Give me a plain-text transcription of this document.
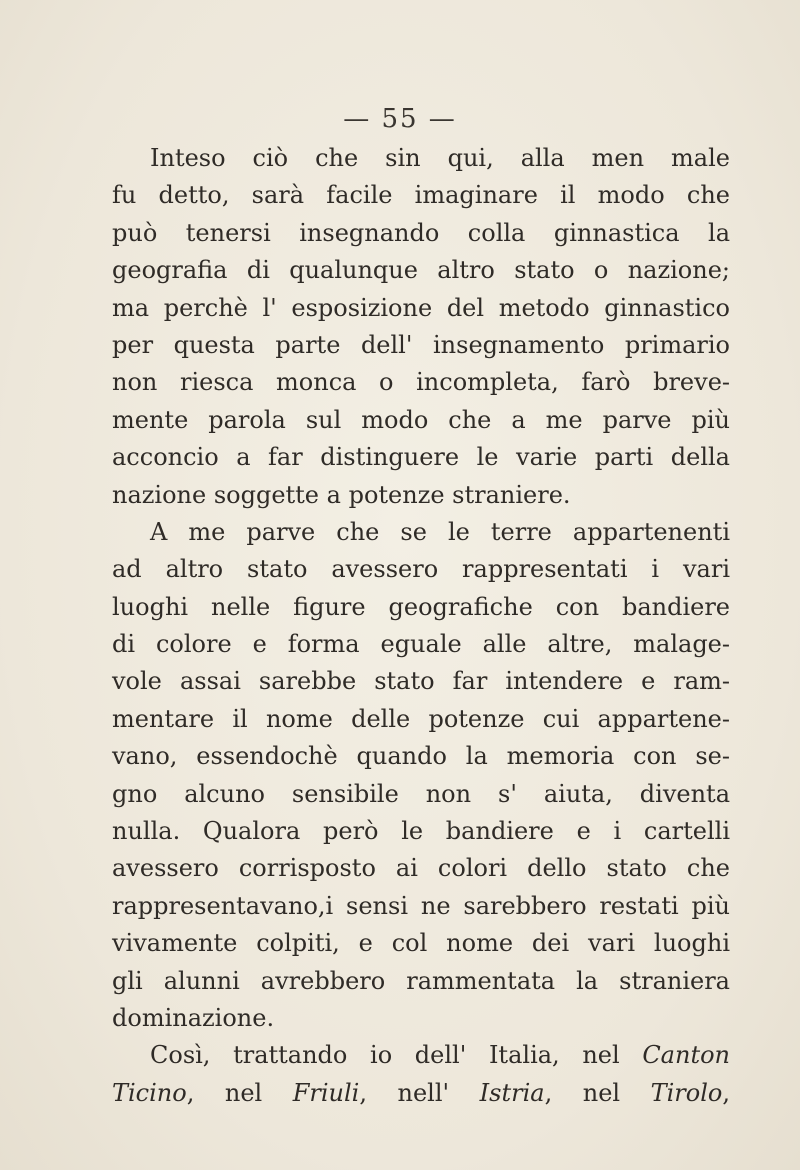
— 55 —
Inteso ciò che sin qui, alla men male
fu detto, sarà facile imaginare il modo che
può tenersi insegnando colla ginnastica la
geografia di qualunque altro stato o nazione;
ma perchè l' esposizione del metodo ginnastico
per questa parte dell' insegnamento primario
non riesca monca o incompleta, farò breve-
mente parola sul modo che a me parve più
acconcio a far distinguere le varie parti della
nazione soggette a potenze straniere.
A me parve che se le terre appartenenti
ad altro stato avessero rappresentati i vari
luoghi nelle figure geografiche con bandiere
di colore e forma eguale alle altre, malage-
vole assai sarebbe stato far intendere e ram-
mentare il nome delle potenze cui appartene-
vano, essendochè quando la memoria con se-
gno alcuno sensibile non s' aiuta, diventa
nulla. Qualora però le bandiere e i cartelli
avessero corrisposto ai colori dello stato che
rappresentavano,i sensi ne sarebbero restati più
vivamente colpiti, e col nome dei vari luoghi
gli alunni avrebbero rammentata la straniera
dominazione.
Così, trattando io dell' Italia, nel Canton
Ticino, nel Friuli, nell' Istria, nel Tirolo,
